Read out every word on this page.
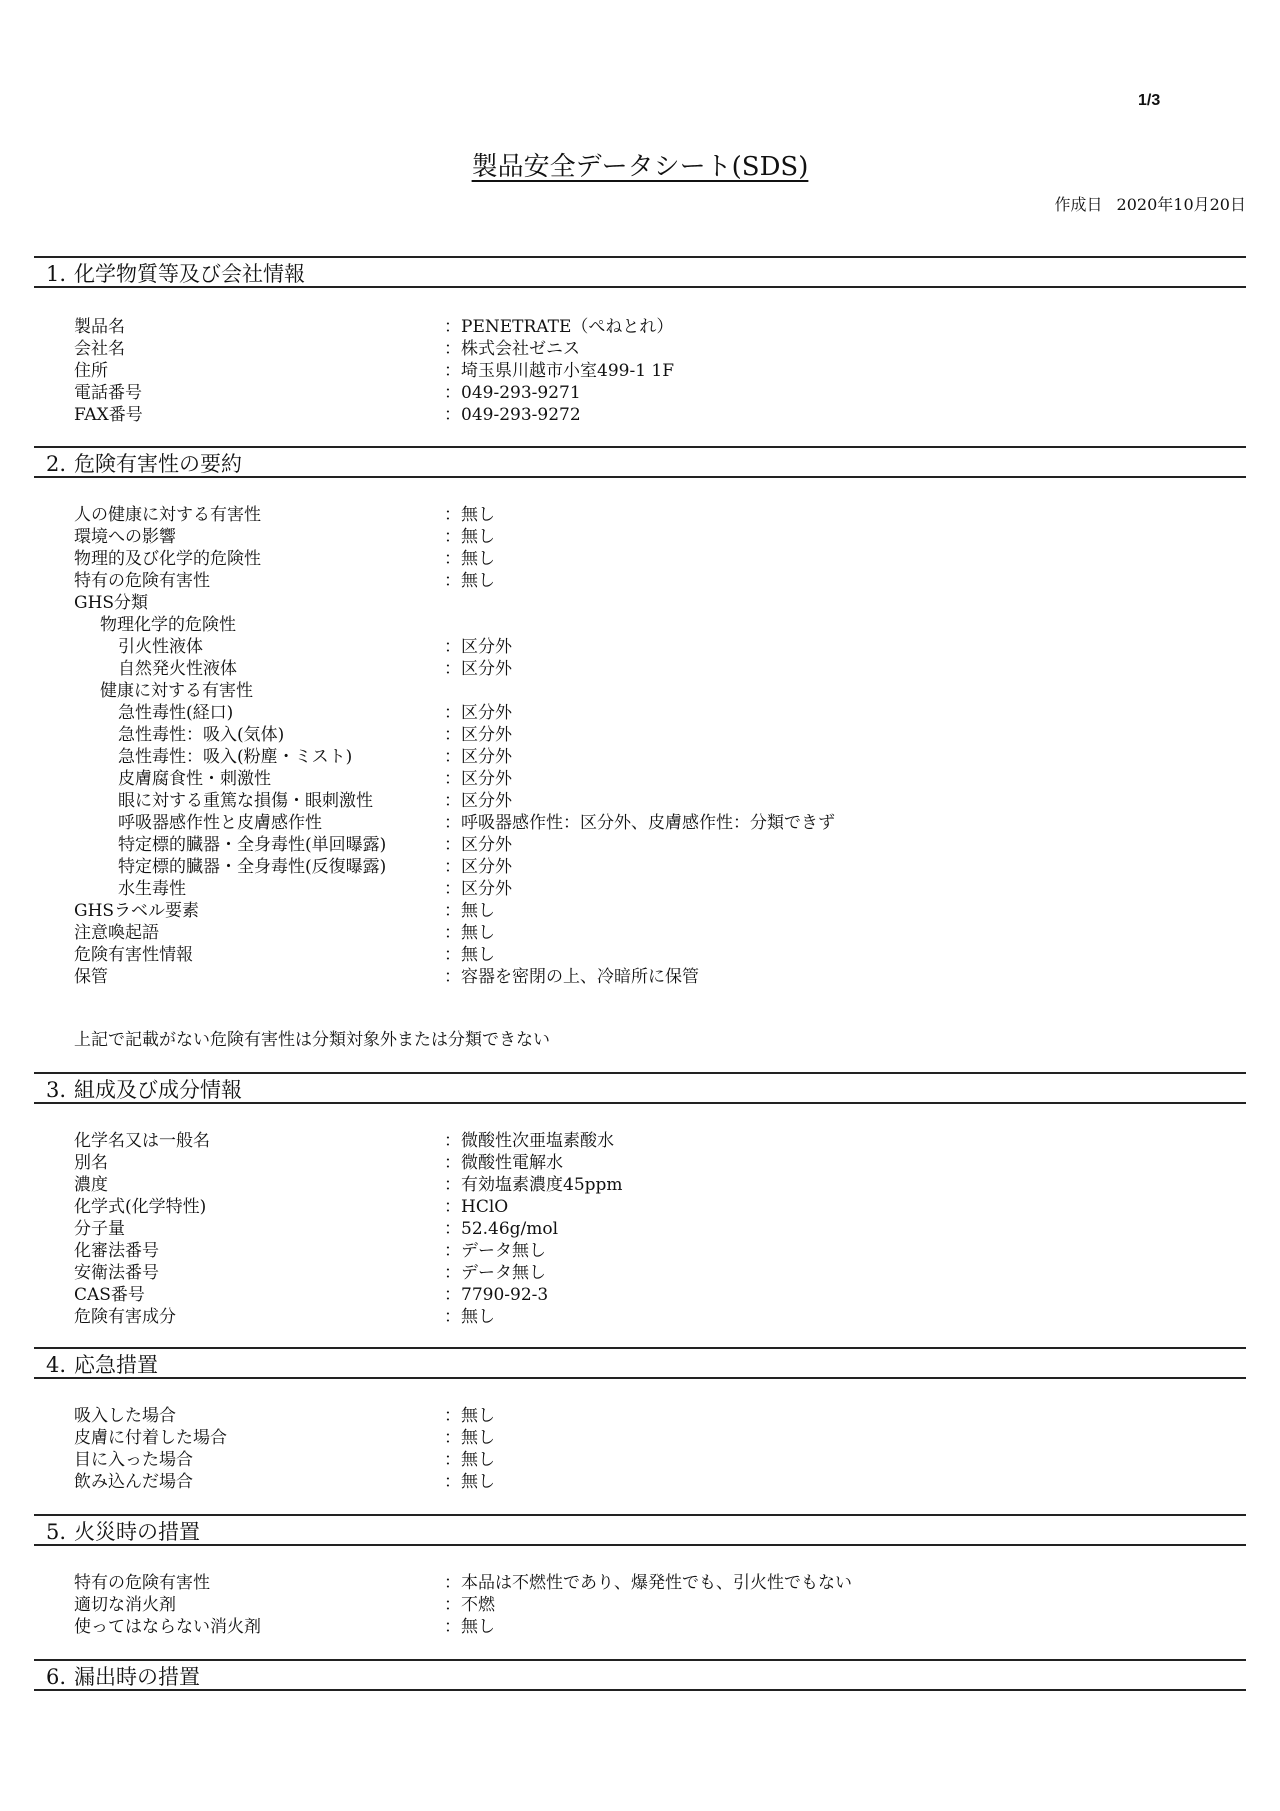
1/3
製品安全データシート(SDS)
作成日 2020年10月20日
1. 化学物質等及び会社情報
製品名	：PENETRATE（ぺねとれ）
会社名	：株式会社ゼニス
住所	：埼玉県川越市小室499-1 1F
電話番号	：049-293-9271
FAX番号	：049-293-9272
2. 危険有害性の要約
人の健康に対する有害性	：無し
環境への影響	：無し
物理的及び化学的危険性	：無し
特有の危険有害性	：無し
GHS分類
物理化学的危険性
引火性液体	：区分外
自然発火性液体	：区分外
健康に対する有害性
急性毒性(経口)	：区分外
急性毒性：吸入(気体)	：区分外
急性毒性：吸入(粉塵・ミスト)	：区分外
皮膚腐食性・刺激性	：区分外
眼に対する重篤な損傷・眼刺激性	：区分外
呼吸器感作性と皮膚感作性	：呼吸器感作性：区分外、皮膚感作性：分類できず
特定標的臓器・全身毒性(単回曝露)	：区分外
特定標的臓器・全身毒性(反復曝露)	：区分外
水生毒性	：区分外
GHSラベル要素	：無し
注意喚起語	：無し
危険有害性情報	：無し
保管	：容器を密閉の上、冷暗所に保管
上記で記載がない危険有害性は分類対象外または分類できない
3. 組成及び成分情報
化学名又は一般名	：微酸性次亜塩素酸水
別名	：微酸性電解水
濃度	：有効塩素濃度45ppm
化学式(化学特性)	：HClO
分子量	：52.46g/mol
化審法番号	：データ無し
安衛法番号	：データ無し
CAS番号	：7790-92-3
危険有害成分	：無し
4. 応急措置
吸入した場合	：無し
皮膚に付着した場合	：無し
目に入った場合	：無し
飲み込んだ場合	：無し
5. 火災時の措置
特有の危険有害性	：本品は不燃性であり、爆発性でも、引火性でもない
適切な消火剤	：不燃
使ってはならない消火剤	：無し
6. 漏出時の措置
